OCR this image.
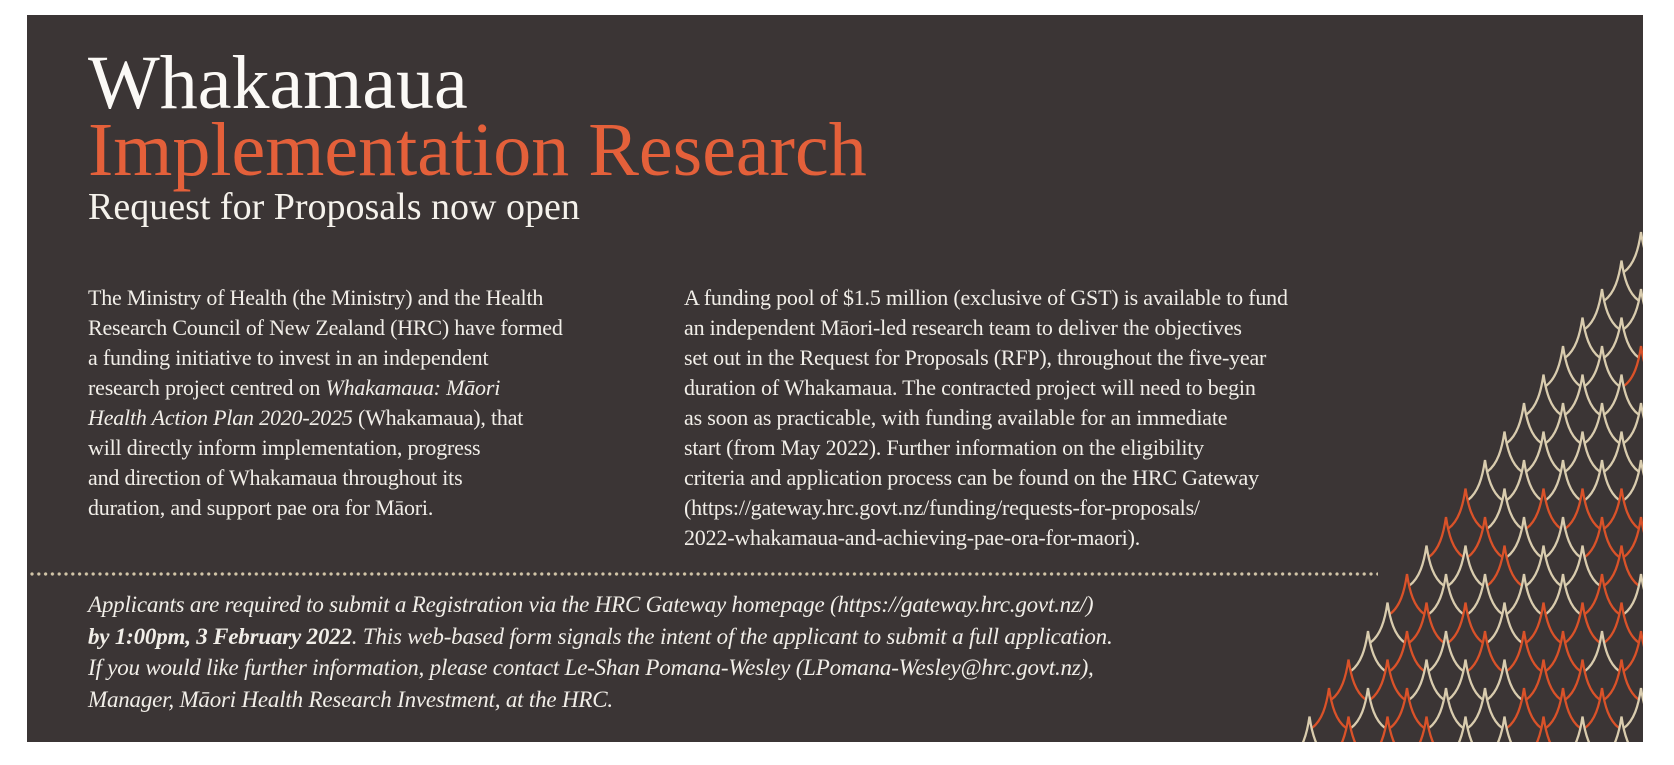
Whakamaua
Implementation Research
Request for Proposals now open
The Ministry of Health (the Ministry) and the Health
Research Council of New Zealand (HRC) have formed
a funding initiative to invest in an independent
research project centred on Whakamaua: Māori
Health Action Plan 2020-2025 (Whakamaua), that
will directly inform implementation, progress
and direction of Whakamaua throughout its
duration, and support pae ora for Māori.
A funding pool of $1.5 million (exclusive of GST) is available to fund
an independent Māori-led research team to deliver the objectives
set out in the Request for Proposals (RFP), throughout the five-year
duration of Whakamaua. The contracted project will need to begin
as soon as practicable, with funding available for an immediate
start (from May 2022). Further information on the eligibility
criteria and application process can be found on the HRC Gateway
(https://gateway.hrc.govt.nz/funding/requests-for-proposals/
2022-whakamaua-and-achieving-pae-ora-for-maori).
Applicants are required to submit a Registration via the HRC Gateway homepage (https://gateway.hrc.govt.nz/)
by 1:00pm, 3 February 2022. This web-based form signals the intent of the applicant to submit a full application.
If you would like further information, please contact Le-Shan Pomana-Wesley (LPomana-Wesley@hrc.govt.nz),
Manager, Māori Health Research Investment, at the HRC.
